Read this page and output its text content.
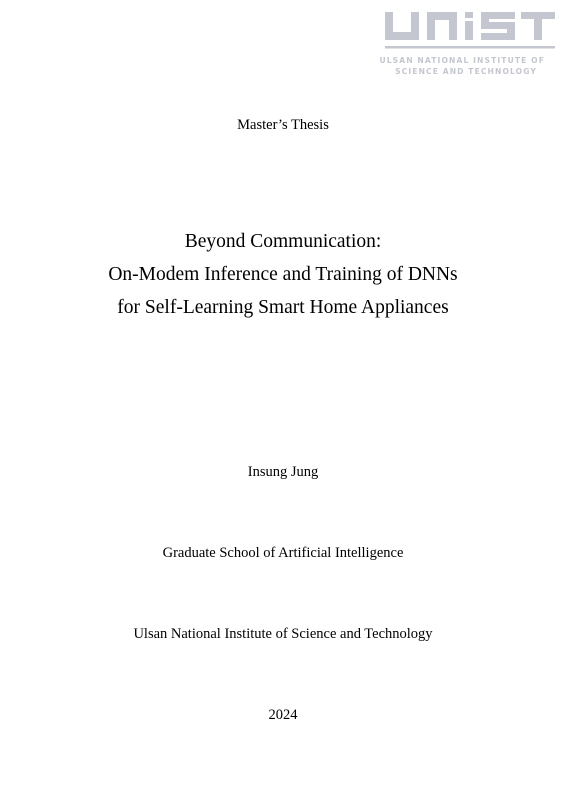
ULSAN NATIONAL INSTITUTE OF
SCIENCE AND TECHNOLOGY
Master’s Thesis
Beyond Communication:
On-Modem Inference and Training of DNNs
for Self-Learning Smart Home Appliances
Insung Jung
Graduate School of Artificial Intelligence
Ulsan National Institute of Science and Technology
2024
